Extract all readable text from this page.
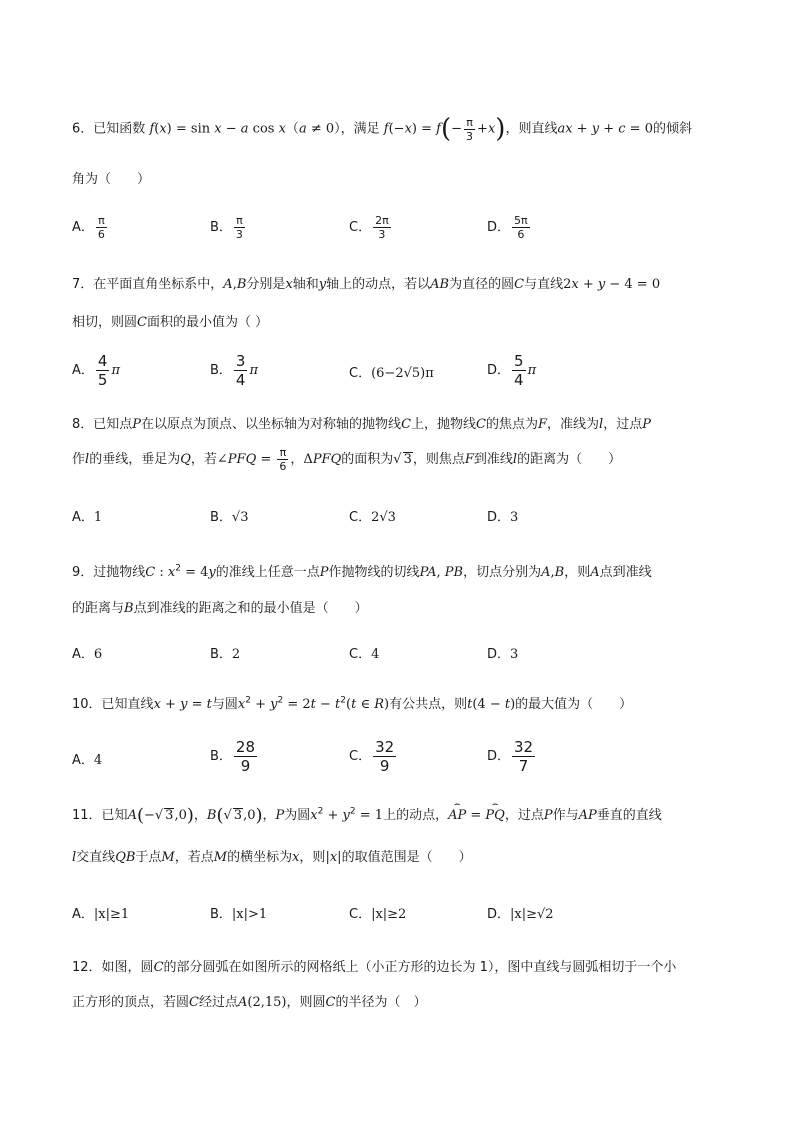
6．已知函数 f(x) = sin x − a cos x（a ≠ 0），满足 $f(-x) = f(- \frac{\pi}{3} +x)$，则直线ax + y + c = 0的倾斜
角为（　　）
A． $\frac{\pi}{6}$	B． $\frac{\pi}{3}$	C． $\frac{2\pi}{3}$	D． $\frac{5\pi}{6}$
7．在平面直角坐标系中，A,B分别是x轴和y轴上的动点，若以AB为直径的圆C与直线2x + y − 4 = 0
相切，则圆C面积的最小值为（ ）
A． $\frac{4}{5}$ π	B． $\frac{3}{4}$ π	C．(6−2√5)π	D． $\frac{5}{4}$ π
8．已知点P在以原点为顶点、以坐标轴为对称轴的抛物线C上，抛物线C的焦点为F，准线为l，过点P
作l的垂线，垂足为Q，若∠PFQ = $\frac{\pi}{6}$ ，ΔPFQ的面积为√ 3，则焦点F到准线l的距离为（　　）
A．1	B．√3	C．2√3	D．3
9．过抛物线C : $x^2 = 4y$的准线上任意一点P作抛物线的切线PA, PB，切点分别为A,B，则A点到准线
的距离与B点到准线的距离之和的最小值是（　　）
A．6	B．2	C．4	D．3
10．已知直线x + y = t与圆$x^2 + y^2 = 2t - t^2(t$ ∈ R)有公共点，则t(4 − t)的最大值为（　　）
A．4	B． $\frac{28}{9}$	C． $\frac{32}{9}$	D． $\frac{32}{7}$
11．已知A(−√ 3,0)，B(√ 3,0)，P为圆$x^2 + y^2 = 1$上的动点，⌢ AP = ⌢ PQ，过点P作与AP垂直的直线
l交直线QB于点M，若点M的横坐标为x，则|x|的取值范围是（　　）
A．|x|≥1	B．|x|>1	C．|x|≥2	D．|x|≥√2
12．如图，圆C的部分圆弧在如图所示的网格纸上（小正方形的边长为 1），图中直线与圆弧相切于一个小
正方形的顶点，若圆C经过点A(2,15)，则圆C的半径为（　）
